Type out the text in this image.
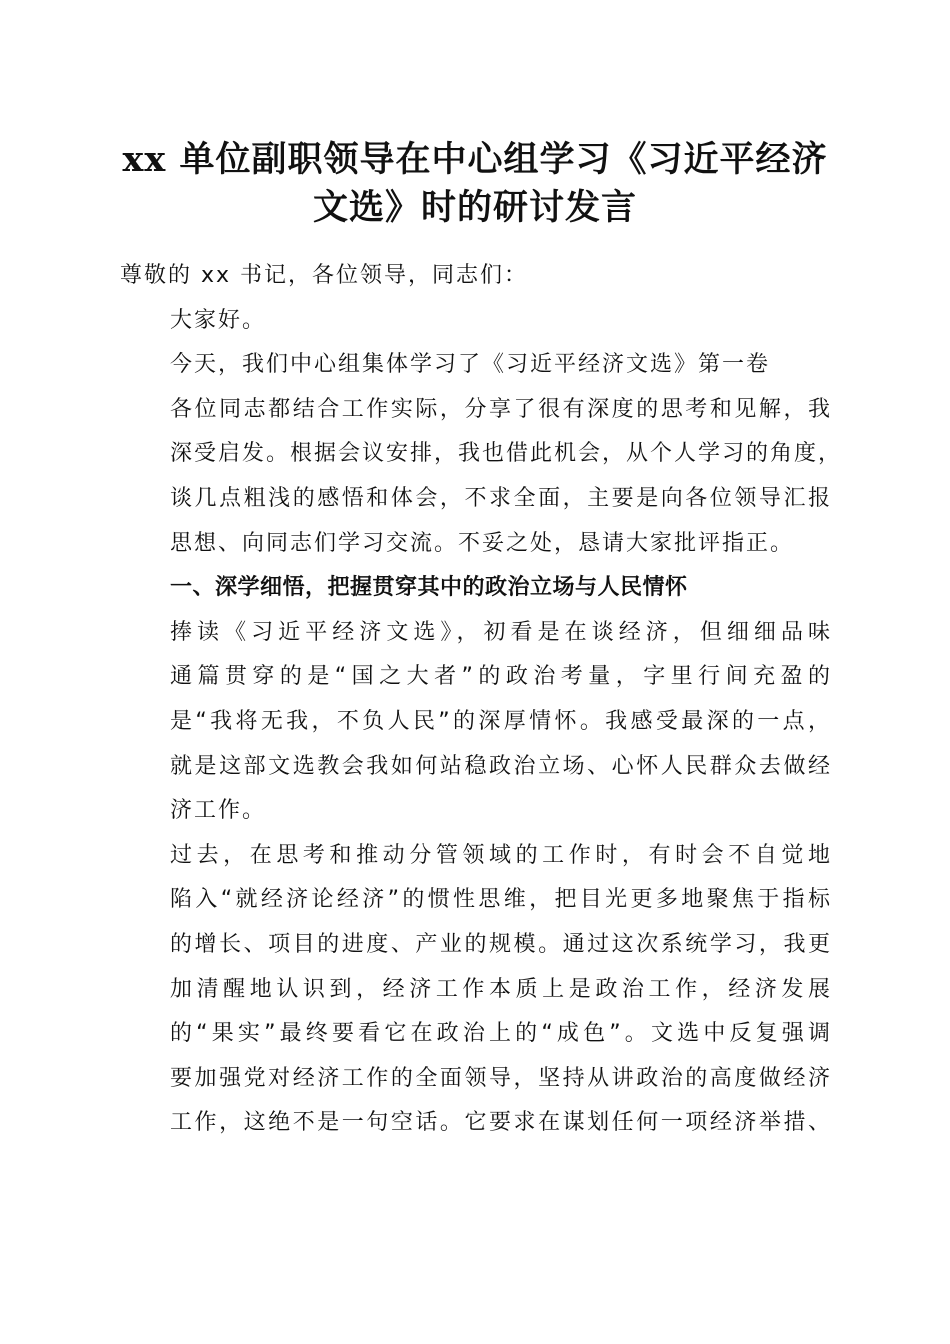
xx 单位副职领导在中心组学习《习近平经济
文选》时的研讨发言

尊敬的 xx 书记，各位领导，同志们：

大家好。

今天，我们中心组集体学习了《习近平经济文选》第一卷
各位同志都结合工作实际，分享了很有深度的思考和见解，我
深受启发。根据会议安排，我也借此机会，从个人学习的角度，
谈几点粗浅的感悟和体会，不求全面，主要是向各位领导汇报
思想、向同志们学习交流。不妥之处，恳请大家批评指正。

一、深学细悟，把握贯穿其中的政治立场与人民情怀

捧读《习近平经济文选》，初看是在谈经济，但细细品味
通篇贯穿的是“国之大者”的政治考量，字里行间充盈的
是“我将无我，不负人民”的深厚情怀。我感受最深的一点，
就是这部文选教会我如何站稳政治立场、心怀人民群众去做经
济工作。

过去，在思考和推动分管领域的工作时，有时会不自觉地
陷入“就经济论经济”的惯性思维，把目光更多地聚焦于指标
的增长、项目的进度、产业的规模。通过这次系统学习，我更
加清醒地认识到，经济工作本质上是政治工作，经济发展
的“果实”最终要看它在政治上的“成色”。文选中反复强调
要加强党对经济工作的全面领导，坚持从讲政治的高度做经济
工作，这绝不是一句空话。它要求在谋划任何一项经济举措、
